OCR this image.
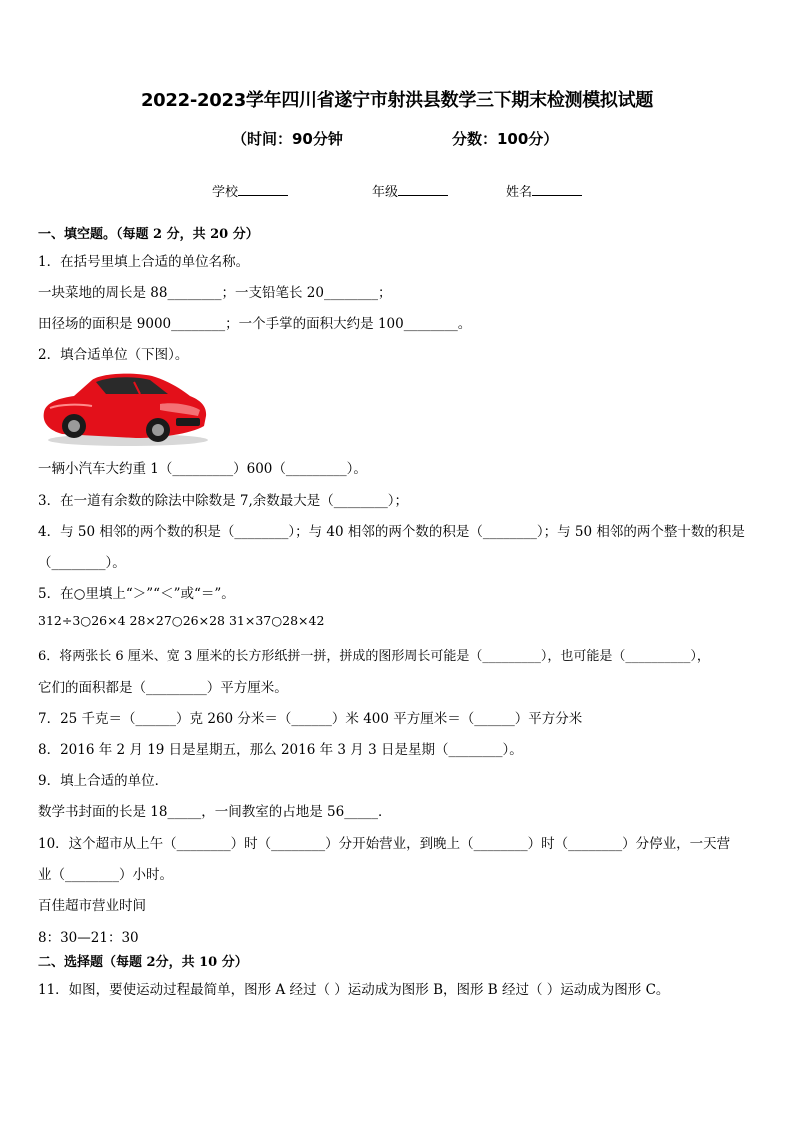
2022-2023学年四川省遂宁市射洪县数学三下期末检测模拟试题
（时间：90分钟	分数：100分）
学校	年级	姓名
一、填空题。（每题 2 分，共 20 分）
1．在括号里填上合适的单位名称。
一块菜地的周长是 88________；一支铅笔长 20________；
田径场的面积是 9000________；一个手掌的面积大约是 100________。
2．填合适单位（下图）。
一辆小汽车大约重 1（_________）600（_________）。
3．在一道有余数的除法中除数是 7,余数最大是（________）；
4．与 50 相邻的两个数的积是（________）；与 40 相邻的两个数的积是（________）；与 50 相邻的两个整十数的积是
（________）。
5．在○里填上“＞”“＜”或“＝”。
312÷3○26×4 28×27○26×28 31×37○28×42
6．将两张长 6 厘米、宽 3 厘米的长方形纸拼一拼，拼成的图形周长可能是（_________），也可能是（__________），
它们的面积都是（_________）平方厘米。
7．25 千克＝（______）克 260 分米＝（______）米 400 平方厘米＝（______）平方分米
8．2016 年 2 月 19 日是星期五，那么 2016 年 3 月 3 日是星期（________）。
9．填上合适的单位．
数学书封面的长是 18_____，一间教室的占地是 56_____．
10．这个超市从上午（________）时（________）分开始营业，到晚上（________）时（________）分停业，一天营
业（________）小时。
百佳超市营业时间
8：30—21：30
二、选择题（每题 2分，共 10 分）
11．如图，要使运动过程最简单，图形 A 经过（ ）运动成为图形 B，图形 B 经过（ ）运动成为图形 C。
